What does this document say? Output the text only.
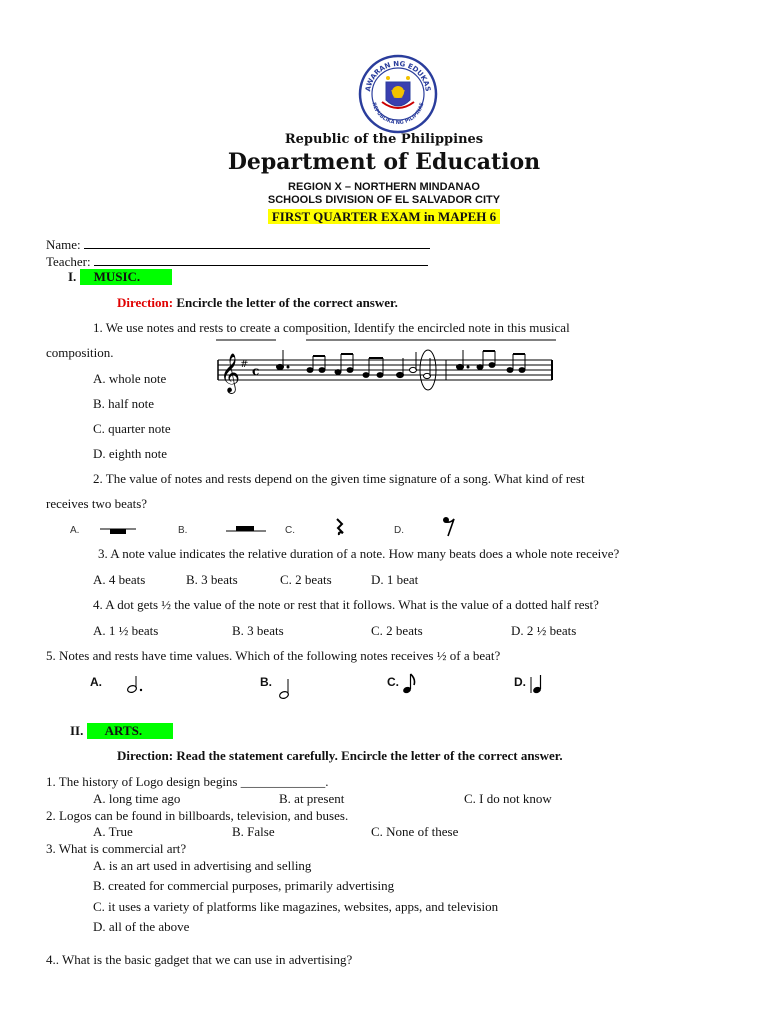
AWARAN NG EDUKAS
REPUBLIKA NG PILIPINAS
Republic of the Philippines
Department of Education
REGION X – NORTHERN MINDANAO
SCHOOLS DIVISION OF EL SALVADOR CITY
FIRST QUARTER EXAM in MAPEH 6
Name:
Teacher:
I. MUSIC.
Direction: Encircle the letter of the correct answer.
1. We use notes and rests to create a composition, Identify the encircled note in this musical
composition.
𝄞 # c
A. whole note
B. half note
C. quarter note
D. eighth note
2. The value of notes and rests depend on the given time signature of a song. What kind of rest
receives two beats?
A.	B.	C.	D.
3. A note value indicates the relative duration of a note. How many beats does a whole note receive?
A. 4 beats	B. 3 beats	C. 2 beats	D. 1 beat
4. A dot gets ½ the value of the note or rest that it follows. What is the value of a dotted half rest?
A. 1 ½ beats	B. 3 beats	C. 2 beats	D. 2 ½ beats
5. Notes and rests have time values. Which of the following notes receives ½ of a beat?
A.	B.	C.	D.
II. ARTS.
Direction: Read the statement carefully. Encircle the letter of the correct answer.
1. The history of Logo design begins _____________.
A. long time ago	B. at present	C. I do not know
2. Logos can be found in billboards, television, and buses.
A. True	B. False	C. None of these
3. What is commercial art?
A. is an art used in advertising and selling
B. created for commercial purposes, primarily advertising
C. it uses a variety of platforms like magazines, websites, apps, and television
D. all of the above
4.. What is the basic gadget that we can use in advertising?
